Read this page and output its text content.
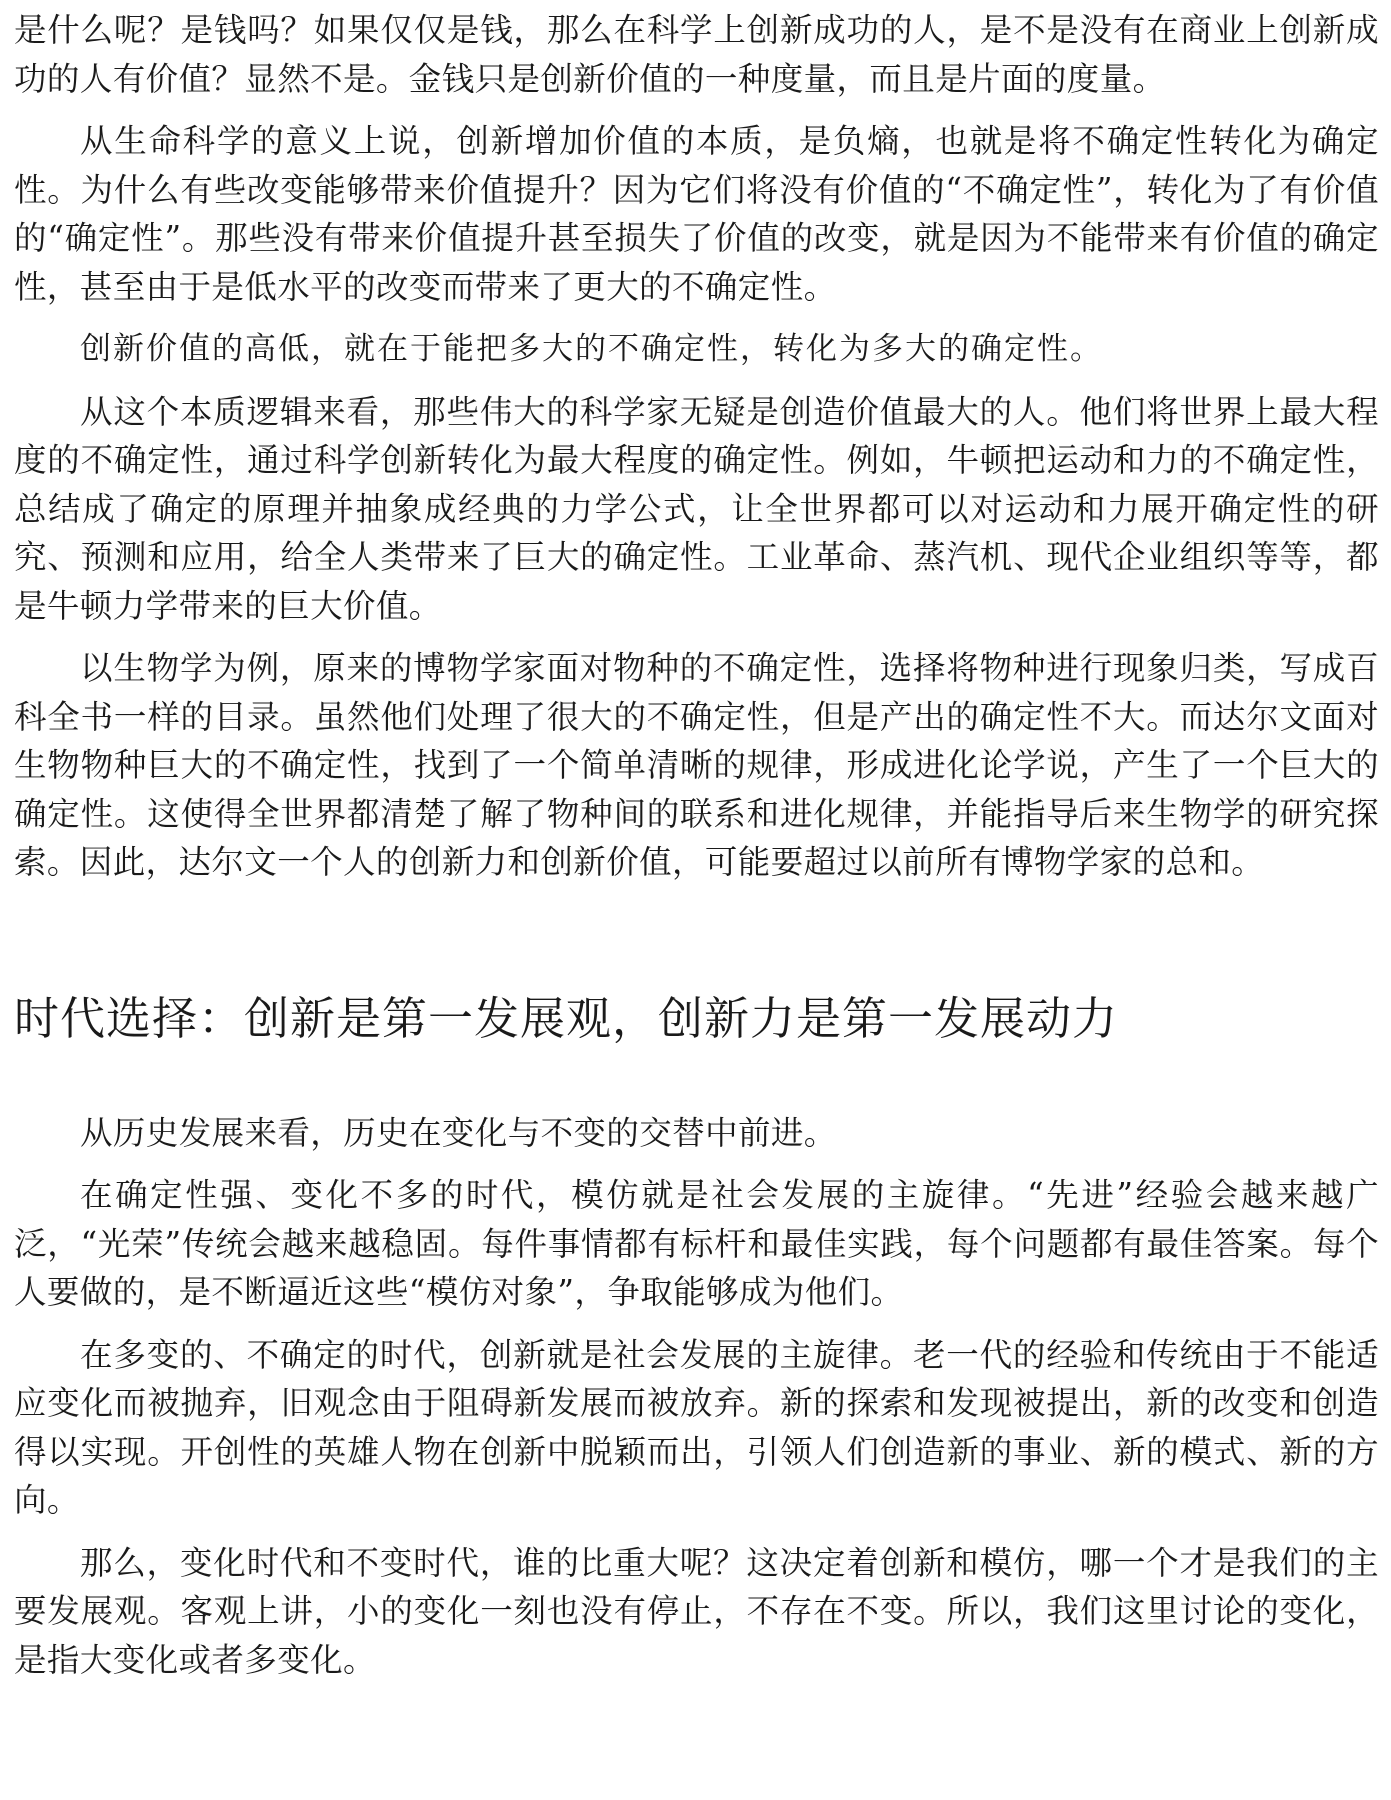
是什么呢？是钱吗？如果仅仅是钱，那么在科学上创新成功的人，是不是没有在商业上创新成功的人有价值？显然不是。金钱只是创新价值的一种度量，而且是片面的度量。

从生命科学的意义上说，创新增加价值的本质，是负熵，也就是将不确定性转化为确定性。为什么有些改变能够带来价值提升？因为它们将没有价值的“不确定性”，转化为了有价值的“确定性”。那些没有带来价值提升甚至损失了价值的改变，就是因为不能带来有价值的确定性，甚至由于是低水平的改变而带来了更大的不确定性。

创新价值的高低，就在于能把多大的不确定性，转化为多大的确定性。

从这个本质逻辑来看，那些伟大的科学家无疑是创造价值最大的人。他们将世界上最大程度的不确定性，通过科学创新转化为最大程度的确定性。例如，牛顿把运动和力的不确定性，总结成了确定的原理并抽象成经典的力学公式，让全世界都可以对运动和力展开确定性的研究、预测和应用，给全人类带来了巨大的确定性。工业革命、蒸汽机、现代企业组织等等，都是牛顿力学带来的巨大价值。

以生物学为例，原来的博物学家面对物种的不确定性，选择将物种进行现象归类，写成百科全书一样的目录。虽然他们处理了很大的不确定性，但是产出的确定性不大。而达尔文面对生物物种巨大的不确定性，找到了一个简单清晰的规律，形成进化论学说，产生了一个巨大的确定性。这使得全世界都清楚了解了物种间的联系和进化规律，并能指导后来生物学的研究探索。因此，达尔文一个人的创新力和创新价值，可能要超过以前所有博物学家的总和。

时代选择：创新是第一发展观，创新力是第一发展动力

从历史发展来看，历史在变化与不变的交替中前进。

在确定性强、变化不多的时代，模仿就是社会发展的主旋律。“先进”经验会越来越广泛，“光荣”传统会越来越稳固。每件事情都有标杆和最佳实践，每个问题都有最佳答案。每个人要做的，是不断逼近这些“模仿对象”，争取能够成为他们。

在多变的、不确定的时代，创新就是社会发展的主旋律。老一代的经验和传统由于不能适应变化而被抛弃，旧观念由于阻碍新发展而被放弃。新的探索和发现被提出，新的改变和创造得以实现。开创性的英雄人物在创新中脱颖而出，引领人们创造新的事业、新的模式、新的方向。

那么，变化时代和不变时代，谁的比重大呢？这决定着创新和模仿，哪一个才是我们的主要发展观。客观上讲，小的变化一刻也没有停止，不存在不变。所以，我们这里讨论的变化，是指大变化或者多变化。
